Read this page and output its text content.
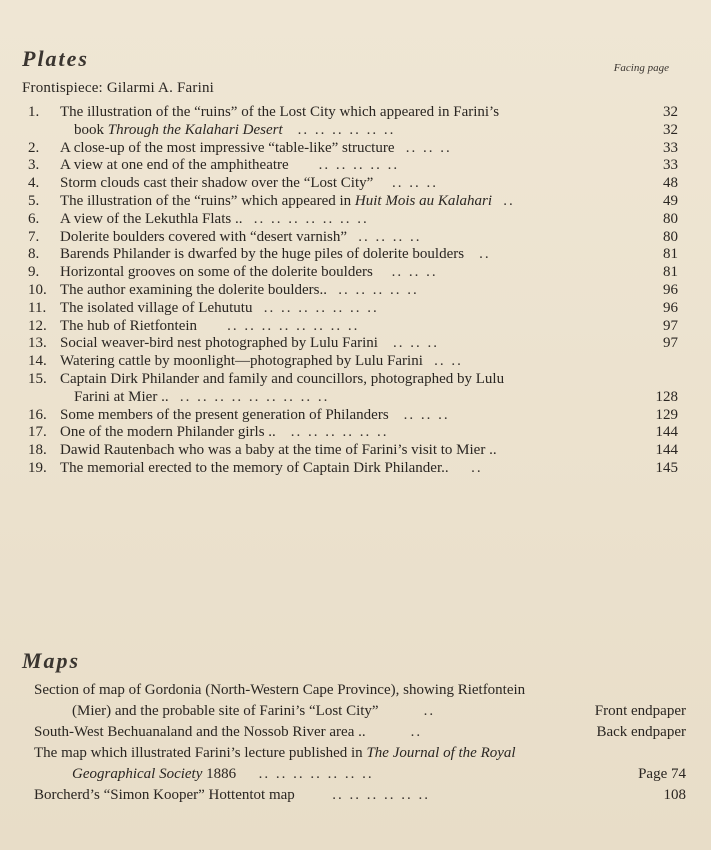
Plates	Facing page
Frontispiece: Gilarmi A. Farini
1.	The illustration of the “ruins” of the Lost City which appeared in Farini’s	32
book Through the Kalahari Desert .. .. .. .. .. ..	32
2.	A close-up of the most impressive “table-like” structure .. .. ..	33
3.	A view at one end of the amphitheatre .. .. .. .. ..	33
4.	Storm clouds cast their shadow over the “Lost City” .. .. ..	48
5.	The illustration of the “ruins” which appeared in Huit Mois au Kalahari ..	49
6.	A view of the Lekuthla Flats .. .. .. .. .. .. .. ..	80
7.	Dolerite boulders covered with “desert varnish” .. .. .. ..	80
8.	Barends Philander is dwarfed by the huge piles of dolerite boulders ..	81
9.	Horizontal grooves on some of the dolerite boulders .. .. ..	81
10. The author examining the dolerite boulders.. .. .. .. .. ..	96
11. The isolated village of Lehututu .. .. .. .. .. .. ..	96
12. The hub of Rietfontein .. .. .. .. .. .. .. ..	97
13. Social weaver-bird nest photographed by Lulu Farini .. .. ..	97
14. Watering cattle by moonlight—photographed by Lulu Farini .. ..
15. Captain Dirk Philander and family and councillors, photographed by Lulu
Farini at Mier .. .. .. .. .. .. .. .. .. ..	128
16. Some members of the present generation of Philanders .. .. ..	129
17. One of the modern Philander girls .. .. .. .. .. .. ..	144
18. Dawid Rautenbach who was a baby at the time of Farini’s visit to Mier ..	144
19. The memorial erected to the memory of Captain Dirk Philander.. ..	145
Maps
Section of map of Gordonia (North-Western Cape Province), showing Rietfontein
(Mier) and the probable site of Farini’s “Lost City”	..	Front endpaper
South-West Bechuanaland and the Nossob River area ..	..	Back endpaper
The map which illustrated Farini’s lecture published in The Journal of the Royal
Geographical Society 1886 .. .. .. .. .. .. ..	Page 74
Borcherd’s “Simon Kooper” Hottentot map	.. .. .. .. .. ..	108
